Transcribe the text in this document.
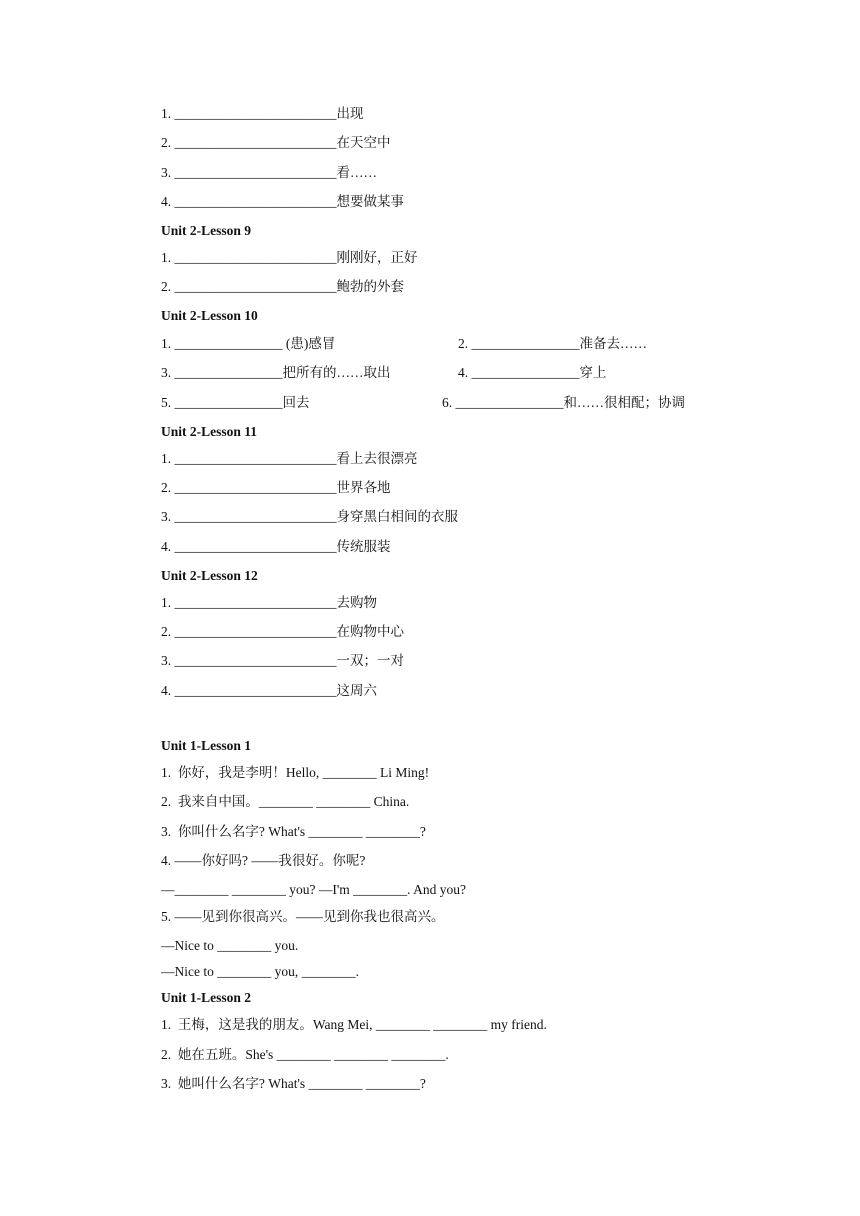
1. ________________________出现
2. ________________________在天空中
3. ________________________看……
4. ________________________想要做某事
Unit 2-Lesson 9
1. ________________________刚刚好，正好
2. ________________________鲍勃的外套
Unit 2-Lesson 10
1. ________________ (患)感冒	2. ________________准备去……
3. ________________把所有的……取出	4. ________________穿上
5. ________________回去	6. ________________和……很相配；协调
Unit 2-Lesson 11
1. ________________________看上去很漂亮
2. ________________________世界各地
3. ________________________身穿黑白相间的衣服
4. ________________________传统服装
Unit 2-Lesson 12
1. ________________________去购物
2. ________________________在购物中心
3. ________________________一双；一对
4. ________________________这周六
Unit 1-Lesson 1
1.  你好，我是李明！Hello, ________ Li Ming!
2.  我来自中国。________ ________ China.
3.  你叫什么名字? What's ________ ________?
4. ——你好吗? ——我很好。你呢?
—________ ________ you? —I'm ________. And you?
5. ——见到你很高兴。——见到你我也很高兴。
—Nice to ________ you.
—Nice to ________ you, ________.
Unit 1-Lesson 2
1.  王梅，这是我的朋友。Wang Mei, ________ ________ my friend.
2.  她在五班。She's ________ ________ ________.
3.  她叫什么名字? What's ________ ________?
